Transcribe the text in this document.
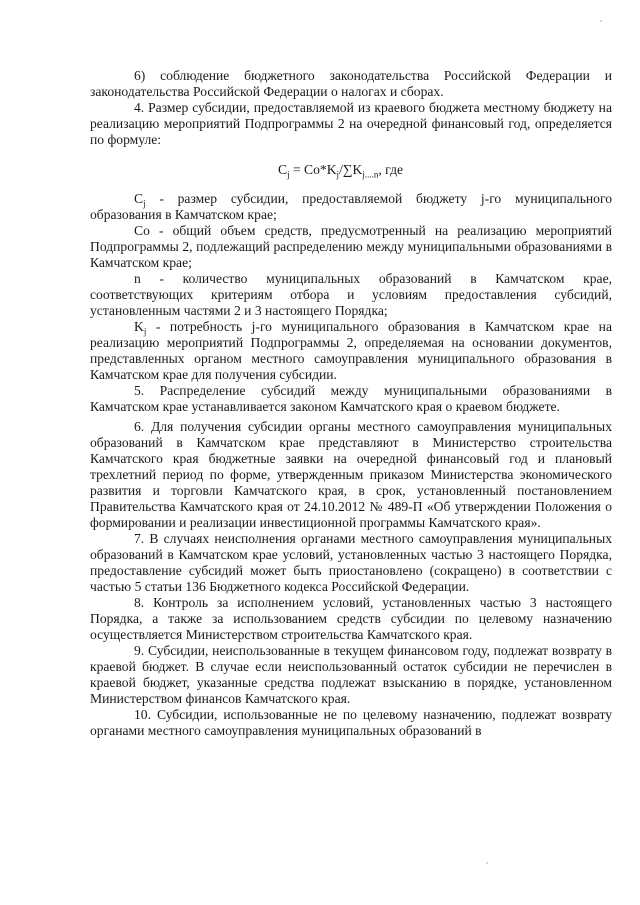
6) соблюдение бюджетного законодательства Российской Федерации и законодательства Российской Федерации о налогах и сборах.

4. Размер субсидии, предоставляемой из краевого бюджета местному бюджету на реализацию мероприятий Подпрограммы 2 на очередной финансовый год, определяется по формуле:

$C_j = Co*K_j/\sum K_{j....n}$, где

$C_j$ - размер субсидии, предоставляемой бюджету j-го муниципального образования в Камчатском крае;

Co - общий объем средств, предусмотренный на реализацию мероприятий Подпрограммы 2, подлежащий распределению между муниципальными образованиями в Камчатском крае;

n - количество муниципальных образований в Камчатском крае, соответствующих критериям отбора и условиям предоставления субсидий, установленным частями 2 и 3 настоящего Порядка;

$K_j$ - потребность j-го муниципального образования в Камчатском крае на реализацию мероприятий Подпрограммы 2, определяемая на основании документов, представленных органом местного самоуправления муниципального образования в Камчатском крае для получения субсидии.

5. Распределение субсидий между муниципальными образованиями в Камчатском крае устанавливается законом Камчатского края о краевом бюджете.

6. Для получения субсидии органы местного самоуправления муниципальных образований в Камчатском крае представляют в Министерство строительства Камчатского края бюджетные заявки на очередной финансовый год и плановый трехлетний период по форме, утвержденным приказом Министерства экономического развития и торговли Камчатского края, в срок, установленный постановлением Правительства Камчатского края от 24.10.2012 № 489-П «Об утверждении Положения о формировании и реализации инвестиционной программы Камчатского края».

7. В случаях неисполнения органами местного самоуправления муниципальных образований в Камчатском крае условий, установленных частью 3 настоящего Порядка, предоставление субсидий может быть приостановлено (сокращено) в соответствии с частью 5 статьи 136 Бюджетного кодекса Российской Федерации.

8. Контроль за исполнением условий, установленных частью 3 настоящего Порядка, а также за использованием средств субсидии по целевому назначению осуществляется Министерством строительства Камчатского края.

9. Субсидии, неиспользованные в текущем финансовом году, подлежат возврату в краевой бюджет. В случае если неиспользованный остаток субсидии не перечислен в краевой бюджет, указанные средства подлежат взысканию в порядке, установленном Министерством финансов Камчатского края.

10. Субсидии, использованные не по целевому назначению, подлежат возврату органами местного самоуправления муниципальных образований в
